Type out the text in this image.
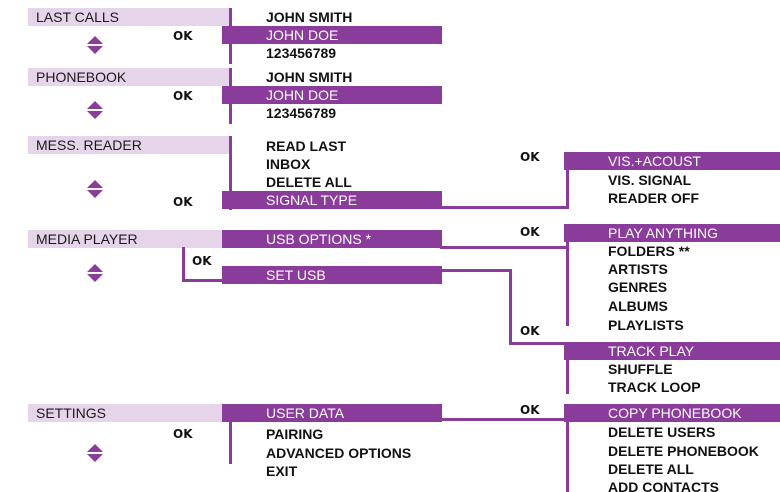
LAST CALLS
OK
JOHN SMITH
JOHN DOE
123456789
PHONEBOOK
OK
JOHN SMITH
JOHN DOE
123456789
MESS. READER
OK
READ LAST
INBOX
DELETE ALL
SIGNAL TYPE
OK	VIS.+ACOUST
VIS. SIGNAL
READER OFF
MEDIA PLAYER
OK
USB OPTIONS *
SET USB
OK	PLAY ANYTHING
FOLDERS **
ARTISTS
GENRES
ALBUMS
PLAYLISTS
OK
TRACK PLAY
SHUFFLE
TRACK LOOP
SETTINGS
OK
USER DATA
PAIRING
ADVANCED OPTIONS
EXIT
OK	COPY PHONEBOOK
DELETE USERS
DELETE PHONEBOOK
DELETE ALL
ADD CONTACTS
